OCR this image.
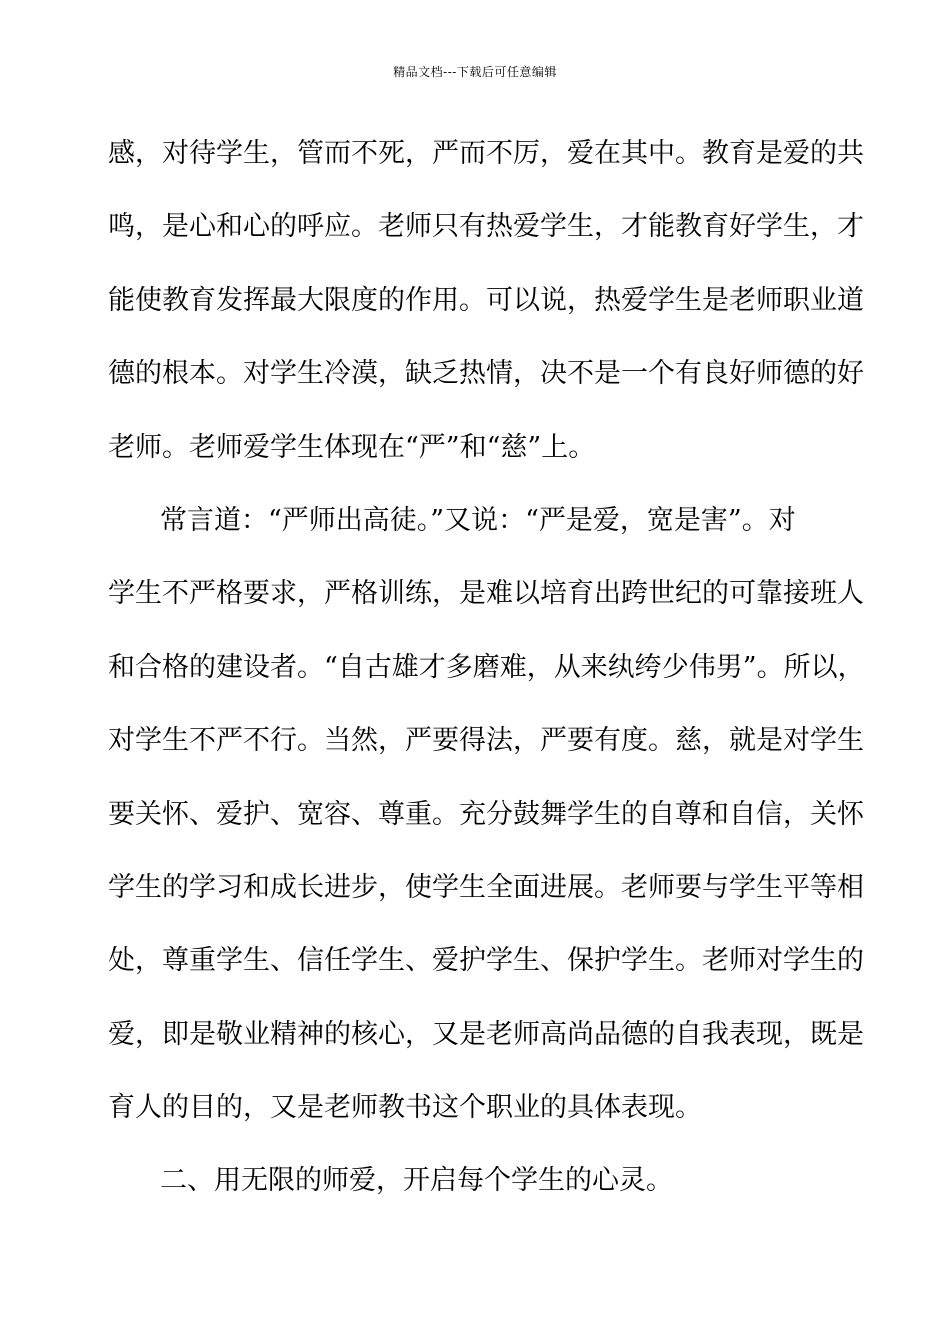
精品文档---下载后可任意编辑
感，对待学生，管而不死，严而不厉，爱在其中。教育是爱的共
鸣，是心和心的呼应。老师只有热爱学生，才能教育好学生，才
能使教育发挥最大限度的作用。可以说，热爱学生是老师职业道
德的根本。对学生冷漠，缺乏热情，决不是一个有良好师德的好
老师。老师爱学生体现在“严”和“慈”上。
常言道：“严师出高徒。”又说：“严是爱，宽是害”。对
学生不严格要求，严格训练，是难以培育出跨世纪的可靠接班人
和合格的建设者。“自古雄才多磨难，从来纨绔少伟男”。所以，
对学生不严不行。当然，严要得法，严要有度。慈，就是对学生
要关怀、爱护、宽容、尊重。充分鼓舞学生的自尊和自信，关怀
学生的学习和成长进步，使学生全面进展。老师要与学生平等相
处，尊重学生、信任学生、爱护学生、保护学生。老师对学生的
爱，即是敬业精神的核心，又是老师高尚品德的自我表现，既是
育人的目的，又是老师教书这个职业的具体表现。
二、用无限的师爱，开启每个学生的心灵。
